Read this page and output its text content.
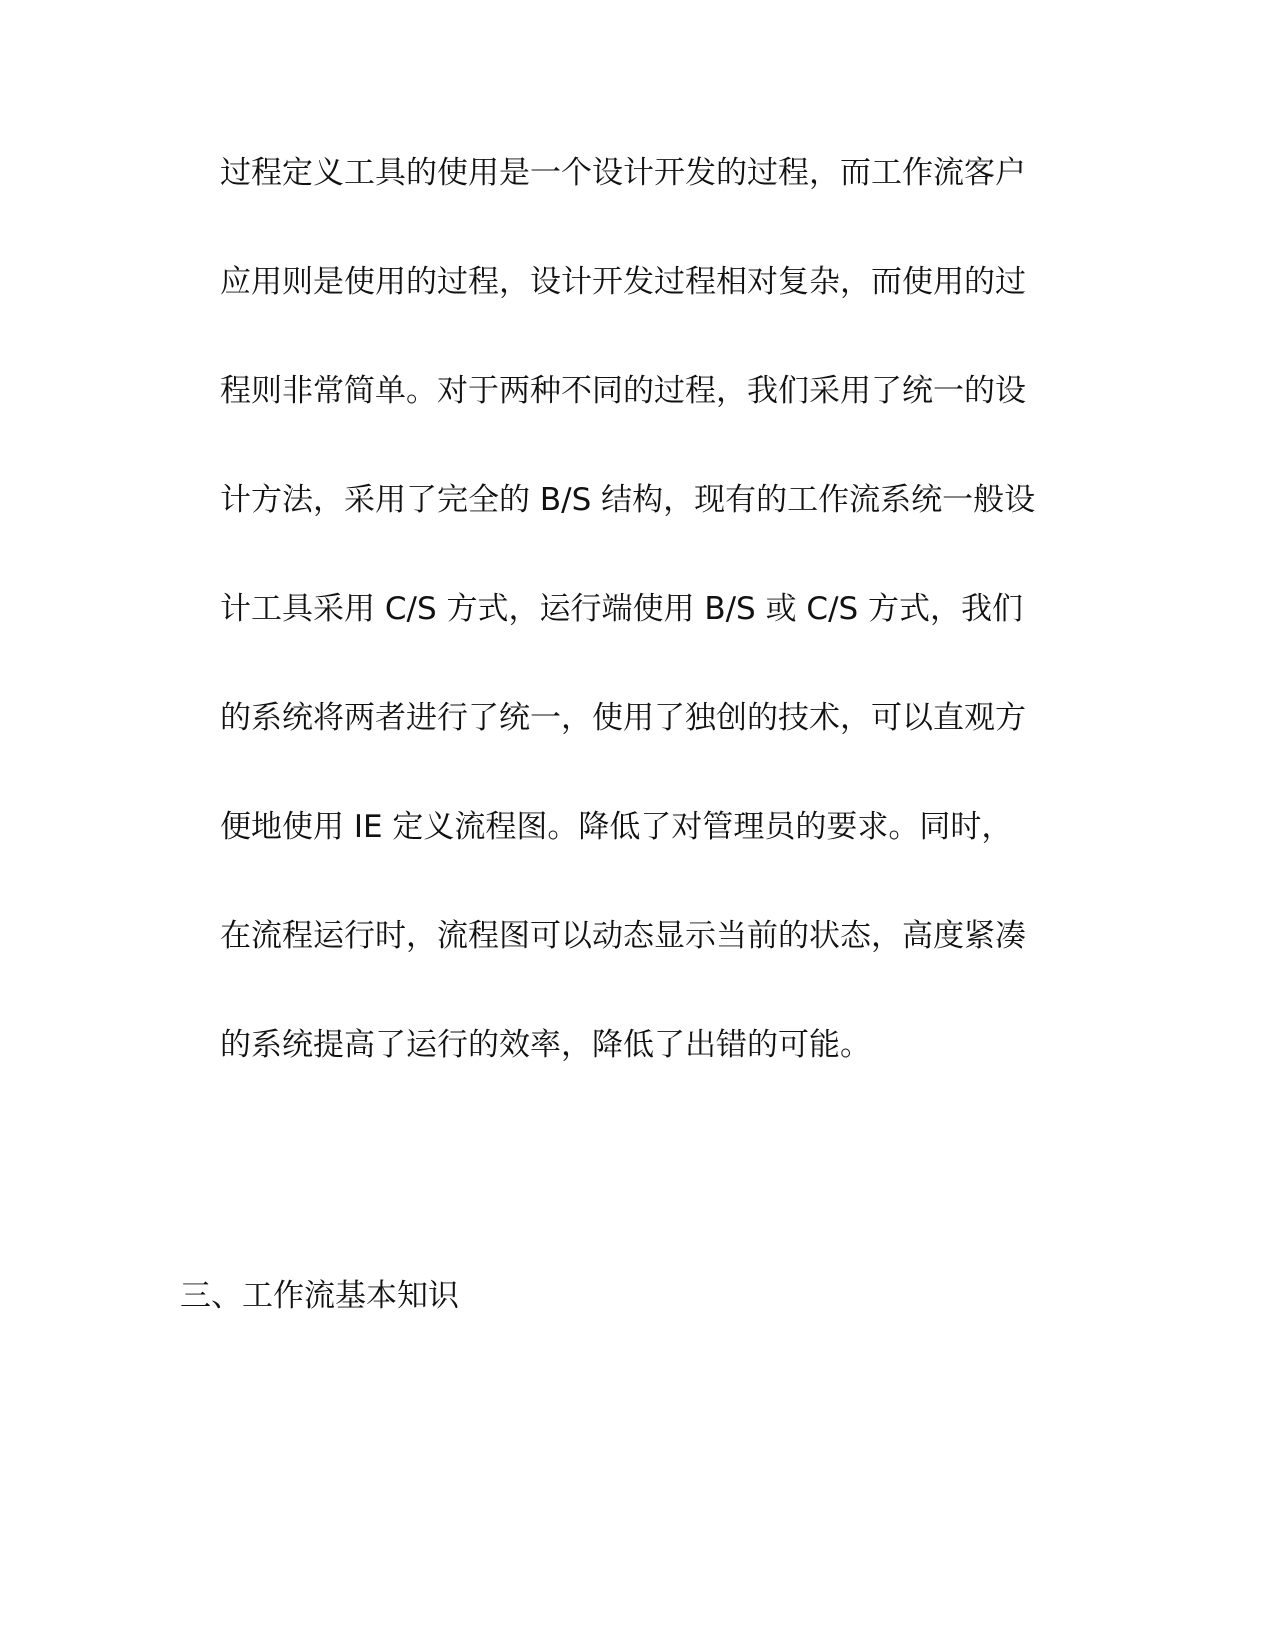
过程定义工具的使用是一个设计开发的过程，而工作流客户
应用则是使用的过程，设计开发过程相对复杂，而使用的过
程则非常简单。对于两种不同的过程，我们采用了统一的设
计方法，采用了完全的 B/S 结构，现有的工作流系统一般设
计工具采用 C/S 方式，运行端使用 B/S 或 C/S 方式，我们
的系统将两者进行了统一，使用了独创的技术，可以直观方
便地使用 IE 定义流程图。降低了对管理员的要求。同时，
在流程运行时，流程图可以动态显示当前的状态，高度紧凑
的系统提高了运行的效率，降低了出错的可能。
三、工作流基本知识
